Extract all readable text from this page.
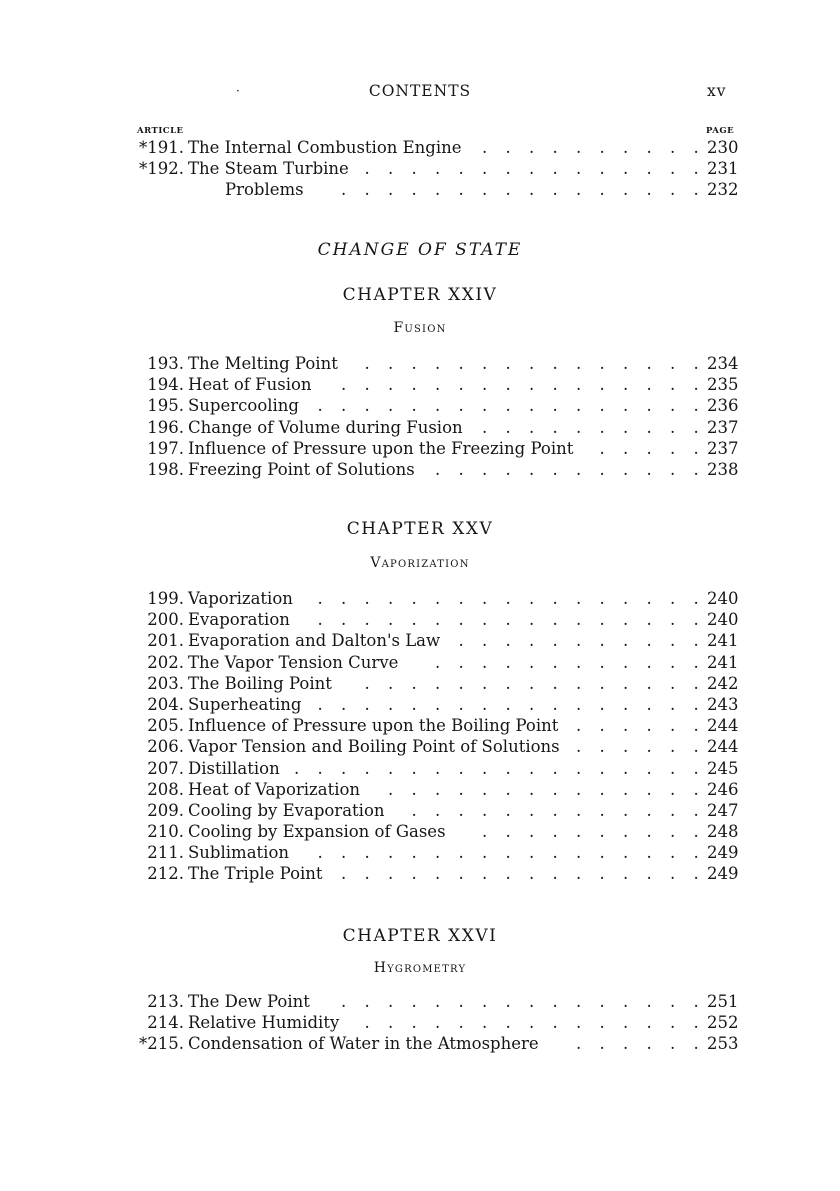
·	CONTENTS	xv
ARTICLE	PAGE
*191. The Internal Combustion Engine	230
. . . . . . . . . .
*192. The Steam Turbine	231
. . . . . . . . . . . . . . .
Problems	232
. . . . . . . . . . . . . . . .
CHANGE OF STATE
CHAPTER XXIV
Fusion
193. The Melting Point	234
. . . . . . . . . . . . . . .
194. Heat of Fusion	235
. . . . . . . . . . . . . . . .
195. Supercooling	236
. . . . . . . . . . . . . . . . .
196. Change of Volume during Fusion	237
. . . . . . . . . .
197. Influence of Pressure upon the Freezing Point	237
. . . . .
198. Freezing Point of Solutions	238
. . . . . . . . . . . .
CHAPTER XXV
Vaporization
199. Vaporization	240
. . . . . . . . . . . . . . . . .
200. Evaporation	240
. . . . . . . . . . . . . . . . .
201. Evaporation and Dalton's Law	241
. . . . . . . . . . .
202. The Vapor Tension Curve	241
. . . . . . . . . . . .
203. The Boiling Point	242
. . . . . . . . . . . . . . .
204. Superheating	243
. . . . . . . . . . . . . . . . .
205. Influence of Pressure upon the Boiling Point	244
. . . . . .
206. Vapor Tension and Boiling Point of Solutions	244
. . . . . .
207. Distillation	245
. . . . . . . . . . . . . . . . . .
208. Heat of Vaporization	246
. . . . . . . . . . . . . .
209. Cooling by Evaporation	247
. . . . . . . . . . . . .
210. Cooling by Expansion of Gases	248
. . . . . . . . . .
211. Sublimation	249
. . . . . . . . . . . . . . . . .
212. The Triple Point	249
. . . . . . . . . . . . . . . .
CHAPTER XXVI
Hygrometry
213. The Dew Point	251
. . . . . . . . . . . . . . . .
214. Relative Humidity	252
. . . . . . . . . . . . . . .
*215. Condensation of Water in the Atmosphere	253
. . . . . .
